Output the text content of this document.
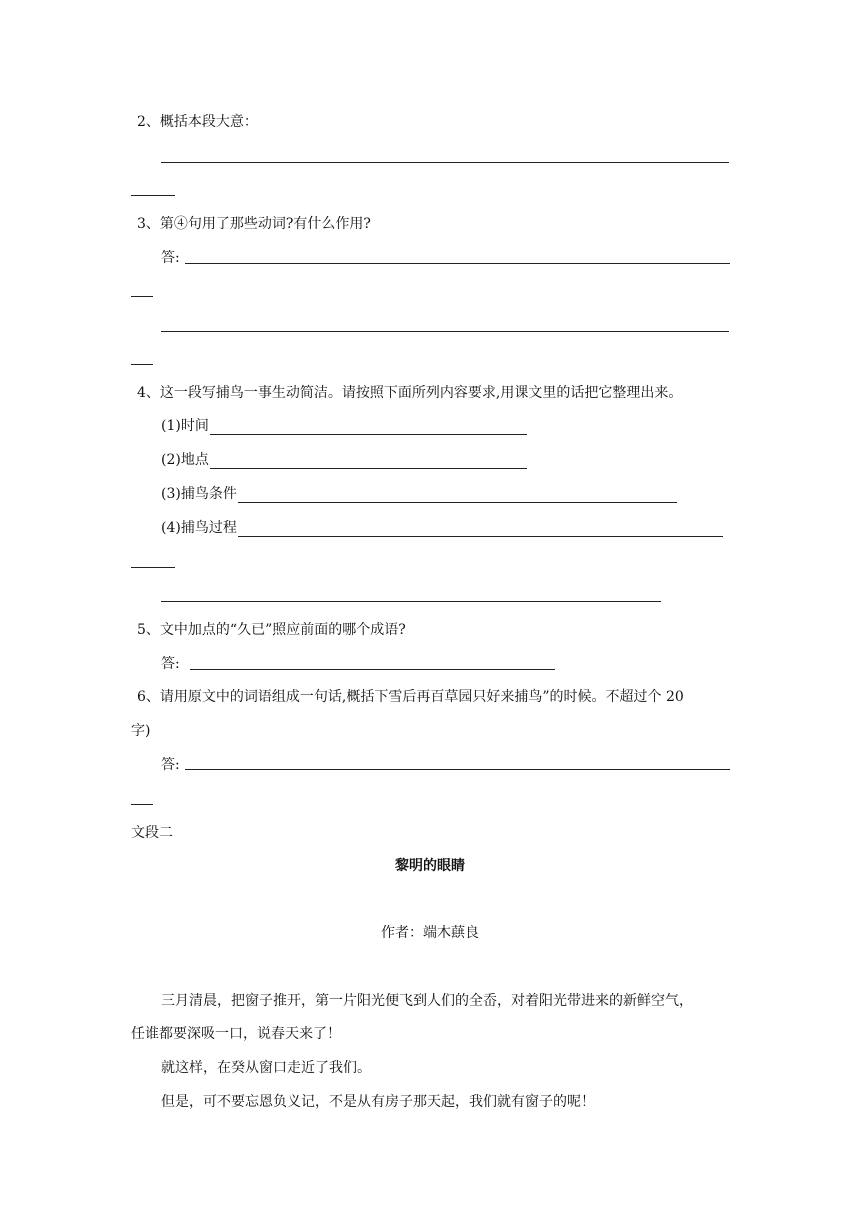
2、概括本段大意：
3、第④句用了那些动词?有什么作用?
答:
4、这一段写捕鸟一事生动简洁。请按照下面所列内容要求,用课文里的话把它整理出来。
(1)时间
(2)地点
(3)捕鸟条件
(4)捕鸟过程
5、文中加点的“久已”照应前面的哪个成语?
答:
6、请用原文中的词语组成一句话,概括下雪后再百草园只好来捕鸟”的时候。不超过个 20
字)
答:
文段二
黎明的眼睛
作者：端木蕻良
三月清晨，把窗子推开，第一片阳光便飞到人们的全岙，对着阳光带进来的新鲜空气，
任谁都要深吸一口，说春天来了！
就这样，在癸从窗口走近了我们。
但是，可不要忘恩负义记，不是从有房子那天起，我们就有窗子的呢！
